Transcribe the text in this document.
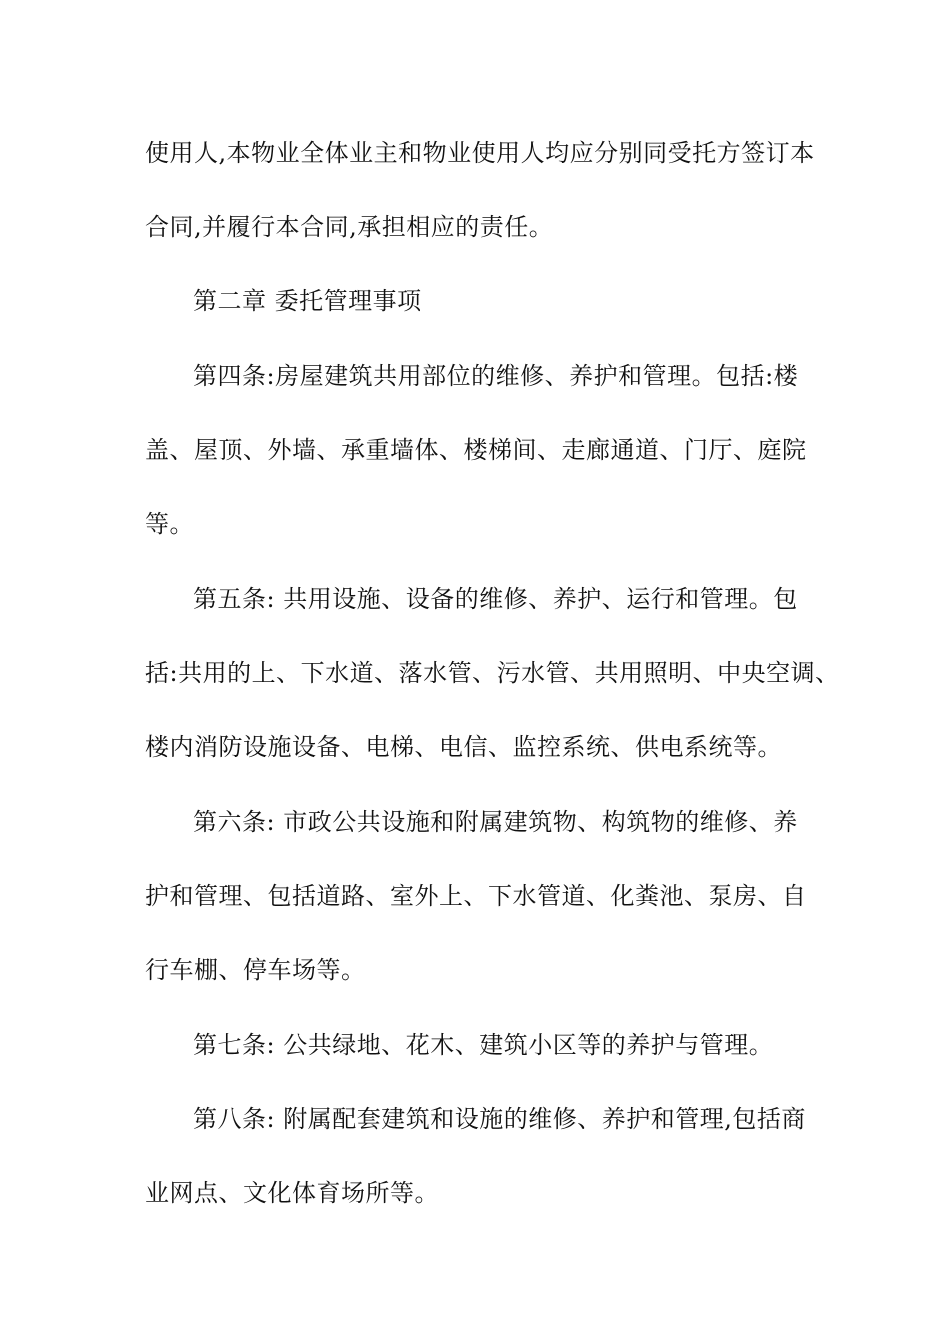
使用人,本物业全体业主和物业使用人均应分别同受托方签订本
合同,并履行本合同,承担相应的责任。
第二章 委托管理事项
第四条:房屋建筑共用部位的维修、养护和管理。包括:楼
盖、屋顶、外墙、承重墙体、楼梯间、走廊通道、门厅、庭院
等。
第五条: 共用设施、设备的维修、养护、运行和管理。包
括:共用的上、下水道、落水管、污水管、共用照明、中央空调、
楼内消防设施设备、电梯、电信、监控系统、供电系统等。
第六条: 市政公共设施和附属建筑物、构筑物的维修、养
护和管理、包括道路、室外上、下水管道、化粪池、泵房、自
行车棚、停车场等。
第七条: 公共绿地、花木、建筑小区等的养护与管理。
第八条: 附属配套建筑和设施的维修、养护和管理,包括商
业网点、文化体育场所等。
